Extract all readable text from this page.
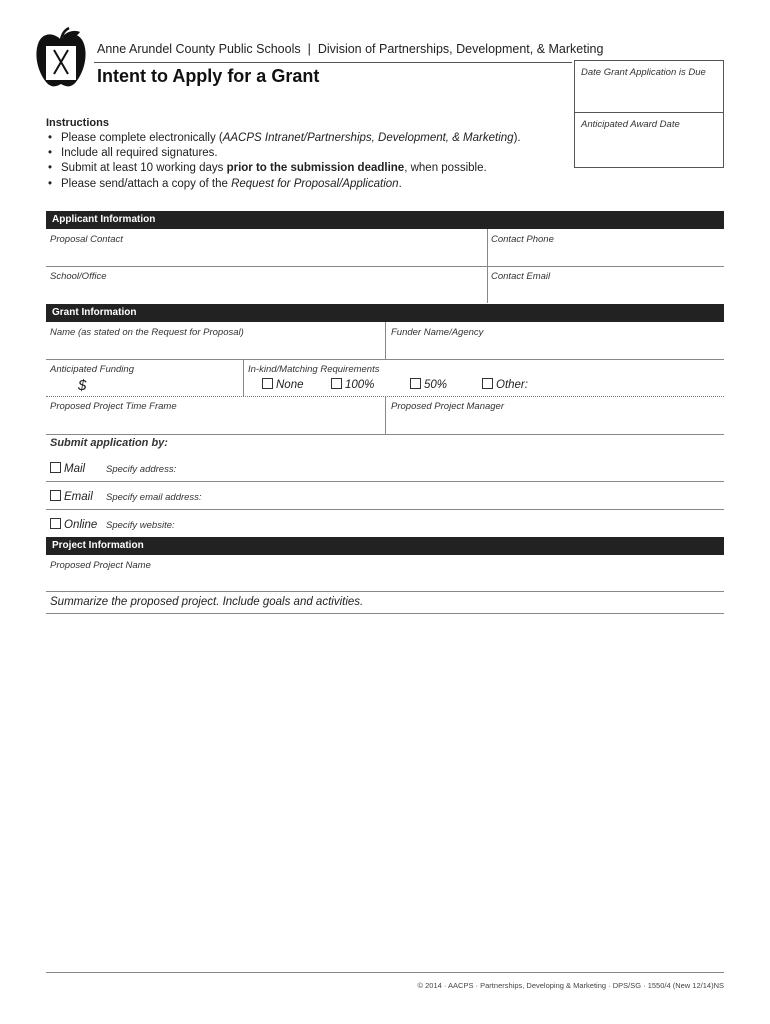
Anne Arundel County Public Schools | Division of Partnerships, Development, & Marketing
Intent to Apply for a Grant	Date Grant Application is Due
Anticipated Award Date
Instructions
• Please complete electronically (AACPS Intranet/Partnerships, Development, & Marketing).
• Include all required signatures.
• Submit at least 10 working days prior to the submission deadline, when possible.
• Please send/attach a copy of the Request for Proposal/Application.
Applicant Information
Proposal Contact	Contact Phone
School/Office	Contact Email
Grant Information
Name (as stated on the Request for Proposal)	Funder Name/Agency
Anticipated Funding
$
In-kind/Matching Requirements
None	100%	50%	Other:
Proposed Project Time Frame	Proposed Project Manager
Submit application by:
Mail Specify address:
Email Specify email address:
Online Specify website:
Project Information
Proposed Project Name
Summarize the proposed project. Include goals and activities.
© 2014 · AACPS · Partnerships, Developing & Marketing · DPS/SG · 1550/4 (New 12/14)NS
